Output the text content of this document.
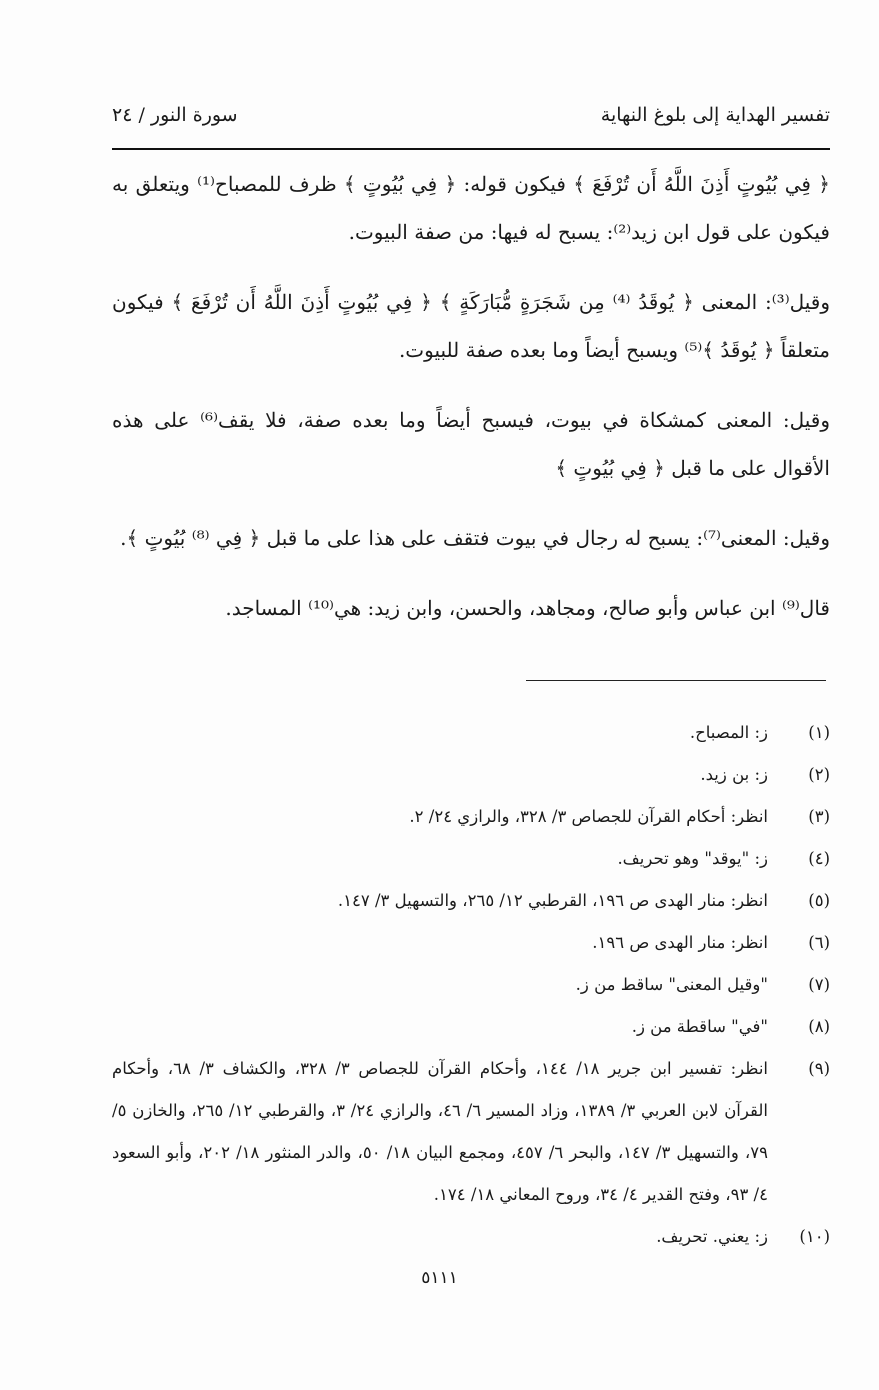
تفسير الهداية إلى بلوغ النهاية
سورة النور / ٢٤

﴿ فِي بُيُوتٍ أَذِنَ اللَّهُ أَن تُرْفَعَ ﴾ فيكون قوله: ﴿ فِي بُيُوتٍ ﴾ ظرف للمصباح⁽¹⁾ ويتعلق به فيكون على قول ابن زيد⁽²⁾: يسبح له فيها: من صفة البيوت.

وقيل⁽³⁾: المعنى ﴿ يُوقَدُ ⁽⁴⁾ مِن شَجَرَةٍ مُّبَارَكَةٍ ﴾ ﴿ فِي بُيُوتٍ أَذِنَ اللَّهُ أَن تُرْفَعَ ﴾ فيكون متعلقاً ﴿ يُوقَدُ ﴾⁽⁵⁾ ويسبح أيضاً وما بعده صفة للبيوت.

وقيل: المعنى كمشكاة في بيوت، فيسبح أيضاً وما بعده صفة، فلا يقف⁽⁶⁾ على هذه الأقوال على ما قبل ﴿ فِي بُيُوتٍ ﴾

وقيل: المعنى⁽⁷⁾: يسبح له رجال في بيوت فتقف على هذا على ما قبل ﴿ فِي ⁽⁸⁾ بُيُوتٍ ﴾.

قال⁽⁹⁾ ابن عباس وأبو صالح، ومجاهد، والحسن، وابن زيد: هي⁽¹⁰⁾ المساجد.

(١)
ز: المصباح.
(٢)
ز: بن زيد.
(٣)
انظر: أحكام القرآن للجصاص ٣/ ٣٢٨، والرازي ٢٤/ ٢.
(٤)
ز: "يوقد" وهو تحريف.
(٥)
انظر: منار الهدى ص ١٩٦، القرطبي ١٢/ ٢٦٥، والتسهيل ٣/ ١٤٧.
(٦)
انظر: منار الهدى ص ١٩٦.
(٧)
"وقيل المعنى" ساقط من ز.
(٨)
"في" ساقطة من ز.
(٩)
انظر: تفسير ابن جرير ١٨/ ١٤٤، وأحكام القرآن للجصاص ٣/ ٣٢٨، والكشاف ٣/ ٦٨، وأحكام القرآن لابن العربي ٣/ ١٣٨٩، وزاد المسير ٦/ ٤٦، والرازي ٢٤/ ٣، والقرطبي ١٢/ ٢٦٥، والخازن ٥/ ٧٩، والتسهيل ٣/ ١٤٧، والبحر ٦/ ٤٥٧، ومجمع البيان ١٨/ ٥٠، والدر المنثور ١٨/ ٢٠٢، وأبو السعود ٤/ ٩٣، وفتح القدير ٤/ ٣٤، وروح المعاني ١٨/ ١٧٤.
(١٠)
ز: يعني. تحريف.
٥١١١
